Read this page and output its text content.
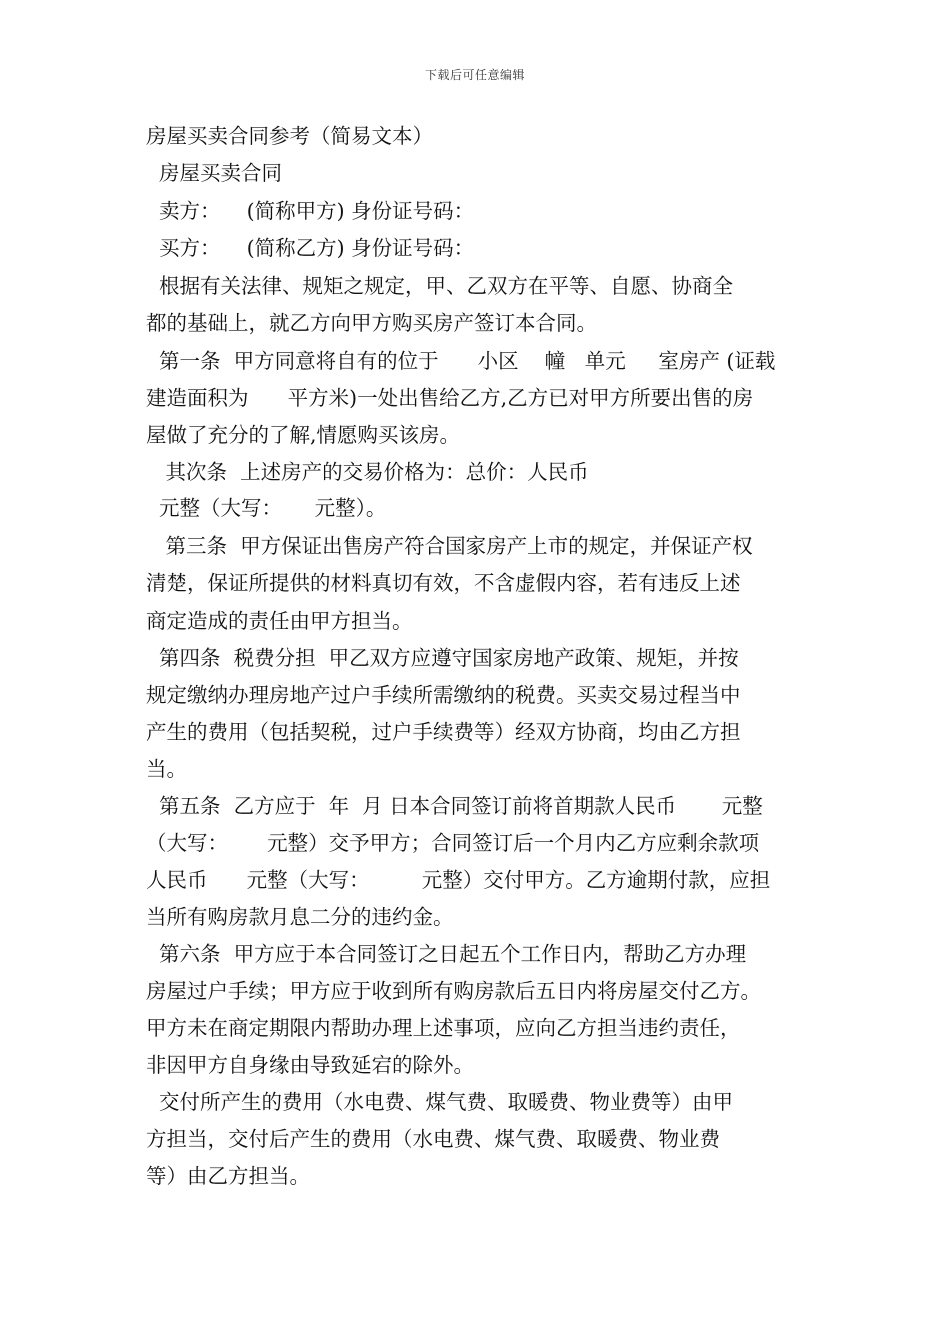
下载后可任意编辑
房屋买卖合同参考（简易文本）
房屋买卖合同
卖方：    (简称甲方) 身份证号码：
买方：    (简称乙方) 身份证号码：
根据有关法律、规矩之规定，甲、乙双方在平等、自愿、协商全
都的基础上，就乙方向甲方购买房产签订本合同。
第一条  甲方同意将自有的位于      小区    幢   单元     室房产 (证载
建造面积为      平方米)一处出售给乙方,乙方已对甲方所要出售的房
屋做了充分的了解,情愿购买该房。
其次条  上述房产的交易价格为：总价：人民币
元整（大写：     元整）。
第三条  甲方保证出售房产符合国家房产上市的规定，并保证产权
清楚，保证所提供的材料真切有效，不含虚假内容，若有违反上述
商定造成的责任由甲方担当。
第四条  税费分担  甲乙双方应遵守国家房地产政策、规矩，并按
规定缴纳办理房地产过户手续所需缴纳的税费。买卖交易过程当中
产生的费用（包括契税，过户手续费等）经双方协商，均由乙方担
当。
第五条  乙方应于  年  月 日本合同签订前将首期款人民币       元整
（大写：      元整）交予甲方；合同签订后一个月内乙方应剩余款项
人民币      元整（大写：        元整）交付甲方。乙方逾期付款，应担
当所有购房款月息二分的违约金。
第六条  甲方应于本合同签订之日起五个工作日内，帮助乙方办理
房屋过户手续；甲方应于收到所有购房款后五日内将房屋交付乙方。
甲方未在商定期限内帮助办理上述事项，应向乙方担当违约责任，
非因甲方自身缘由导致延宕的除外。
交付所产生的费用（水电费、煤气费、取暖费、物业费等）由甲
方担当，交付后产生的费用（水电费、煤气费、取暖费、物业费
等）由乙方担当。
